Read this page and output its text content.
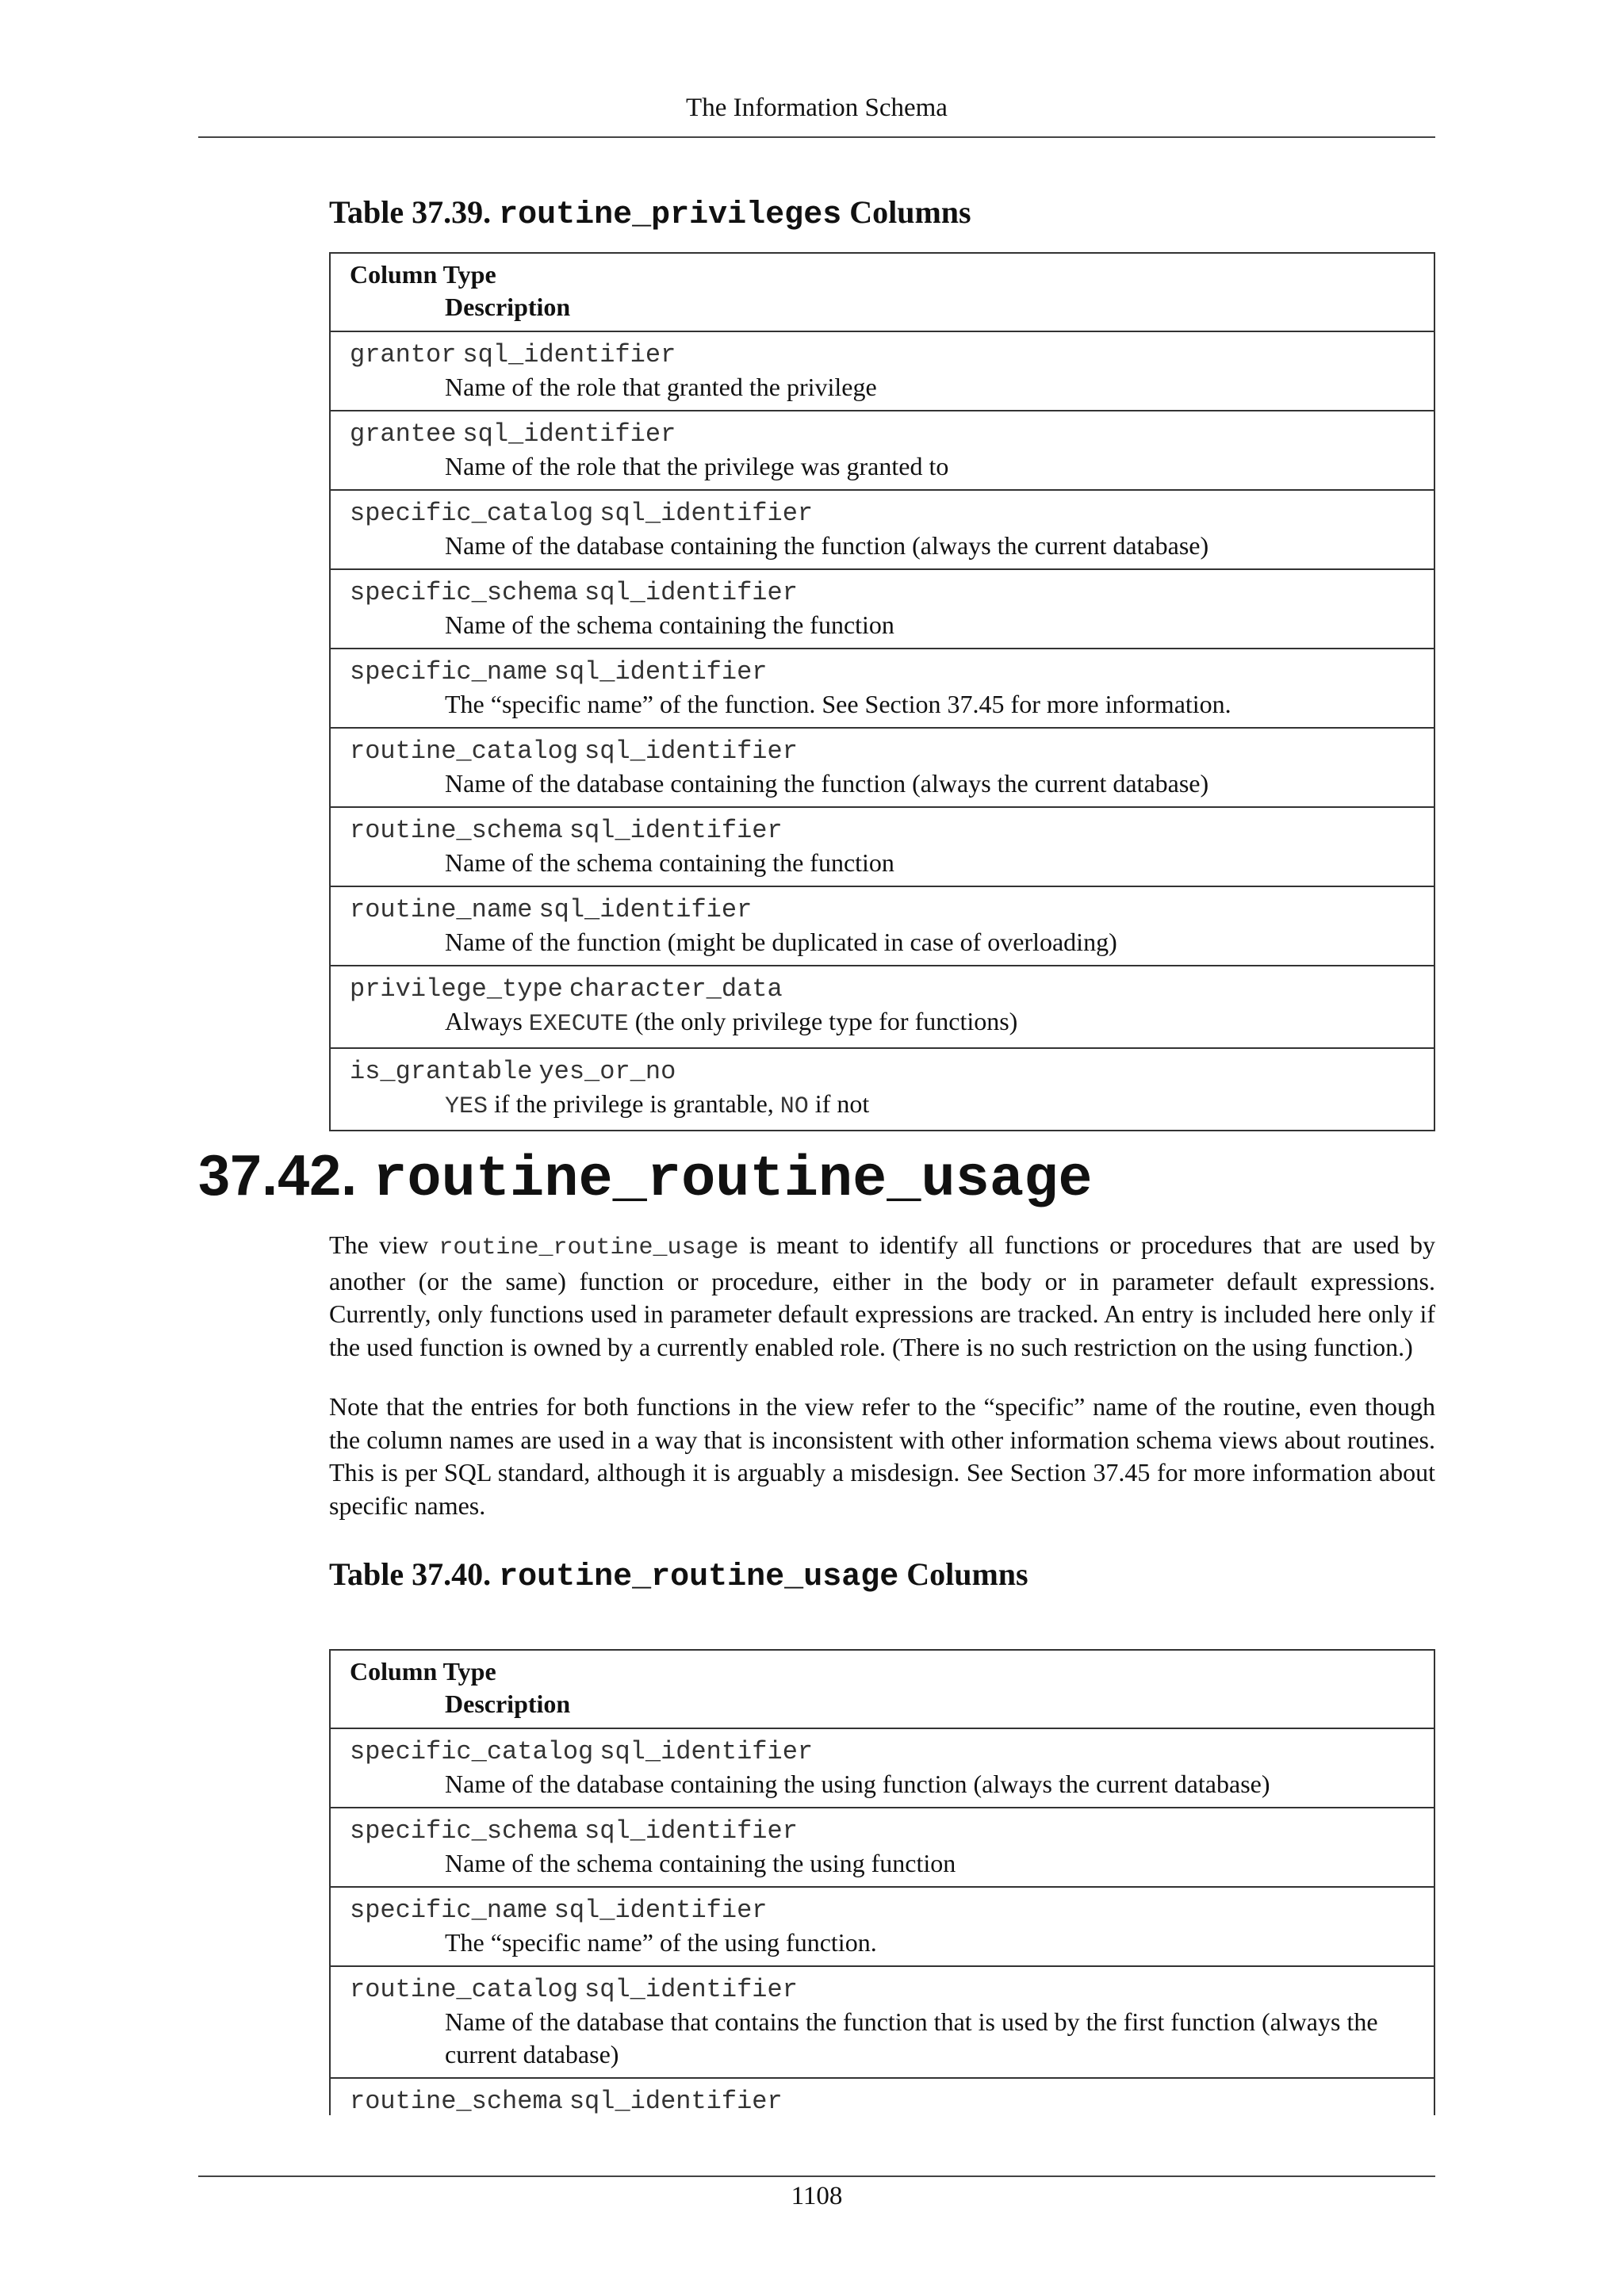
The Information Schema

Table 37.39. routine_privileges Columns

Column Type
Description

grantor sql_identifier
Name of the role that granted the privilege

grantee sql_identifier
Name of the role that the privilege was granted to

specific_catalog sql_identifier
Name of the database containing the function (always the current database)

specific_schema sql_identifier
Name of the schema containing the function

specific_name sql_identifier
The “specific name” of the function. See Section 37.45 for more information.

routine_catalog sql_identifier
Name of the database containing the function (always the current database)

routine_schema sql_identifier
Name of the schema containing the function

routine_name sql_identifier
Name of the function (might be duplicated in case of overloading)

privilege_type character_data
Always EXECUTE (the only privilege type for functions)

is_grantable yes_or_no
YES if the privilege is grantable, NO if not
37.42. routine_routine_usage

The view routine_routine_usage is meant to identify all functions or procedures that are used by another (or the same) function or procedure, either in the body or in parameter default expressions. Currently, only functions used in parameter default expressions are tracked. An entry is included here only if the used function is owned by a currently enabled role. (There is no such restriction on the using function.)

Note that the entries for both functions in the view refer to the “specific” name of the routine, even though the column names are used in a way that is inconsistent with other information schema views about routines. This is per SQL standard, although it is arguably a misdesign. See Section 37.45 for more information about specific names.

Table 37.40. routine_routine_usage Columns

Column Type
Description

specific_catalog sql_identifier
Name of the database containing the using function (always the current database)

specific_schema sql_identifier
Name of the schema containing the using function

specific_name sql_identifier
The “specific name” of the using function.

routine_catalog sql_identifier
Name of the database that contains the function that is used by the first function (always the current database)

routine_schema sql_identifier
1108
